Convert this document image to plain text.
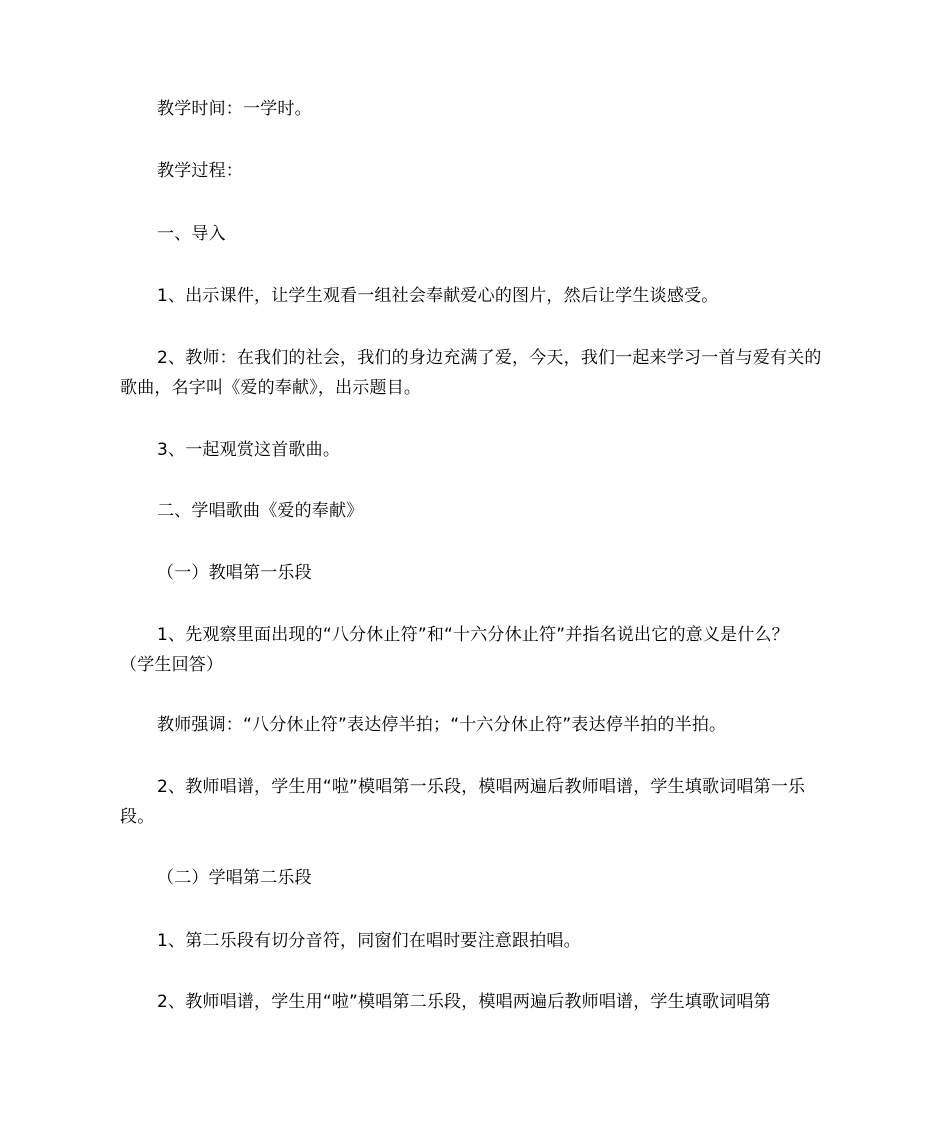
教学时间：一学时。

教学过程：

一、导入

1、出示课件，让学生观看一组社会奉献爱心的图片，然后让学生谈感受。

2、教师：在我们的社会，我们的身边充满了爱，今天，我们一起来学习一首与爱有关的歌曲，名字叫《爱的奉献》，出示题目。

3、一起观赏这首歌曲。

二、学唱歌曲《爱的奉献》

（一）教唱第一乐段

1、先观察里面出现的“八分休止符”和“十六分休止符”并指名说出它的意义是什么？（学生回答）

教师强调：“八分休止符”表达停半拍；“十六分休止符”表达停半拍的半拍。

2、教师唱谱，学生用“啦”模唱第一乐段，模唱两遍后教师唱谱，学生填歌词唱第一乐段。

（二）学唱第二乐段

1、第二乐段有切分音符，同窗们在唱时要注意跟拍唱。

2、教师唱谱，学生用“啦”模唱第二乐段，模唱两遍后教师唱谱，学生填歌词唱第
